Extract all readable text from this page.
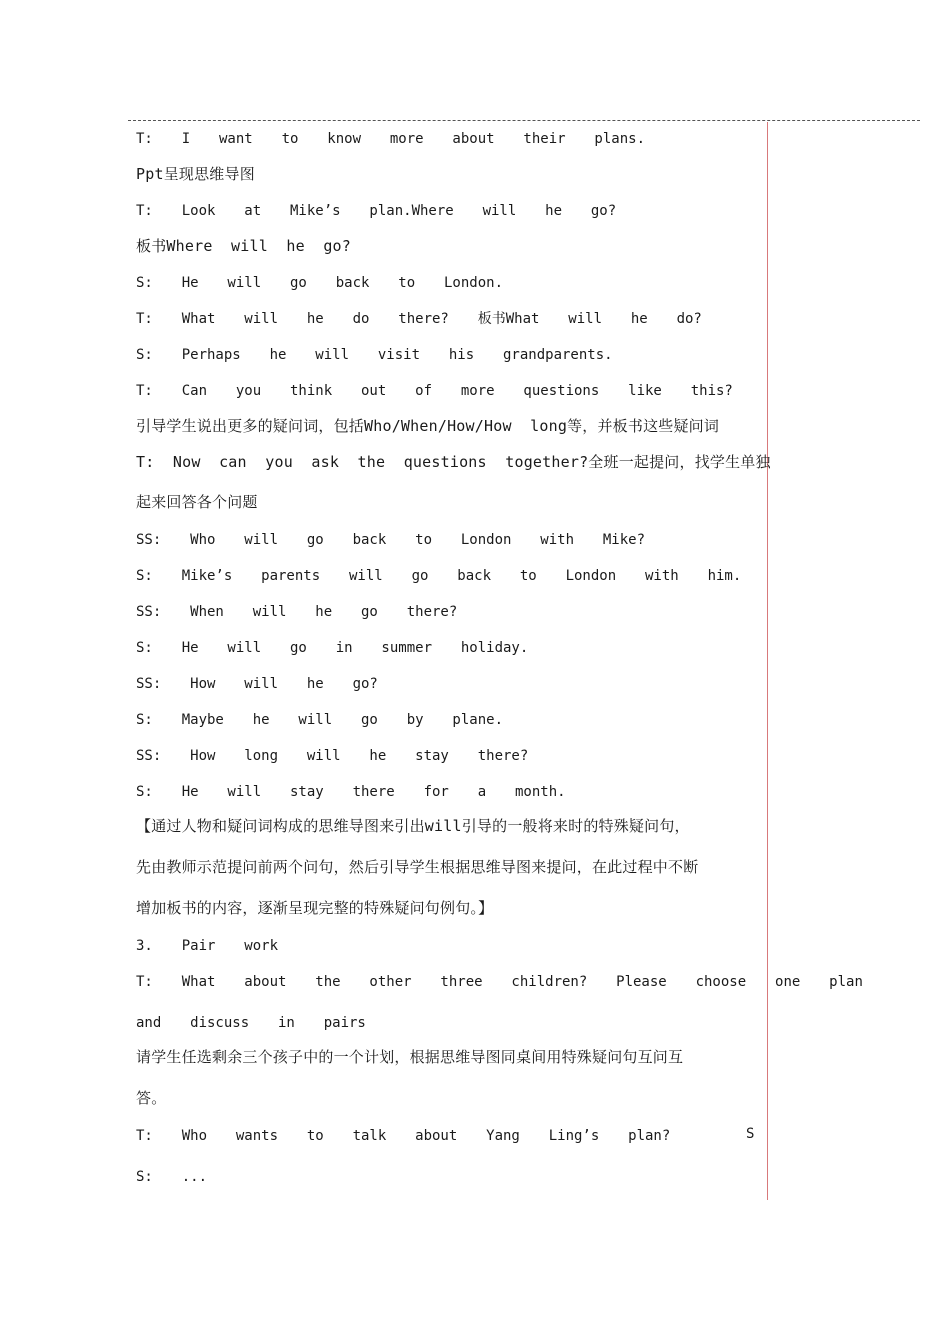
T:  I  want  to  know  more  about  their  plans.
Ppt呈现思维导图
T:  Look  at  Mike’s  plan.Where  will  he  go?
板书Where  will  he  go?
S:  He  will  go  back  to  London.
T:  What  will  he  do  there?  板书What  will  he  do?
S:  Perhaps  he  will  visit  his  grandparents.
T:  Can  you  think  out  of  more  questions  like  this?
引导学生说出更多的疑问词，包括Who/When/How/How  long等，并板书这些疑问词
T:  Now  can  you  ask  the  questions  together?全班一起提问，找学生单独
起来回答各个问题
SS:  Who  will  go  back  to  London  with  Mike?
S:  Mike’s  parents  will  go  back  to  London  with  him.
SS:  When  will  he  go  there?
S:  He  will  go  in  summer  holiday.
SS:  How  will  he  go?
S:  Maybe  he  will  go  by  plane.
SS:  How  long  will  he  stay  there?
S:  He  will  stay  there  for  a  month.
【通过人物和疑问词构成的思维导图来引出will引导的一般将来时的特殊疑问句，
先由教师示范提问前两个问句，然后引导学生根据思维导图来提问，在此过程中不断
增加板书的内容，逐渐呈现完整的特殊疑问句例句。】
3.  Pair  work
T:  What  about  the  other  three  children?  Please  choose  one  plan
and  discuss  in  pairs
请学生任选剩余三个孩子中的一个计划，根据思维导图同桌间用特殊疑问句互问互
答。
T:  Who  wants  to  talk  about  Yang  Ling’s  plan?
S:  ...
S
